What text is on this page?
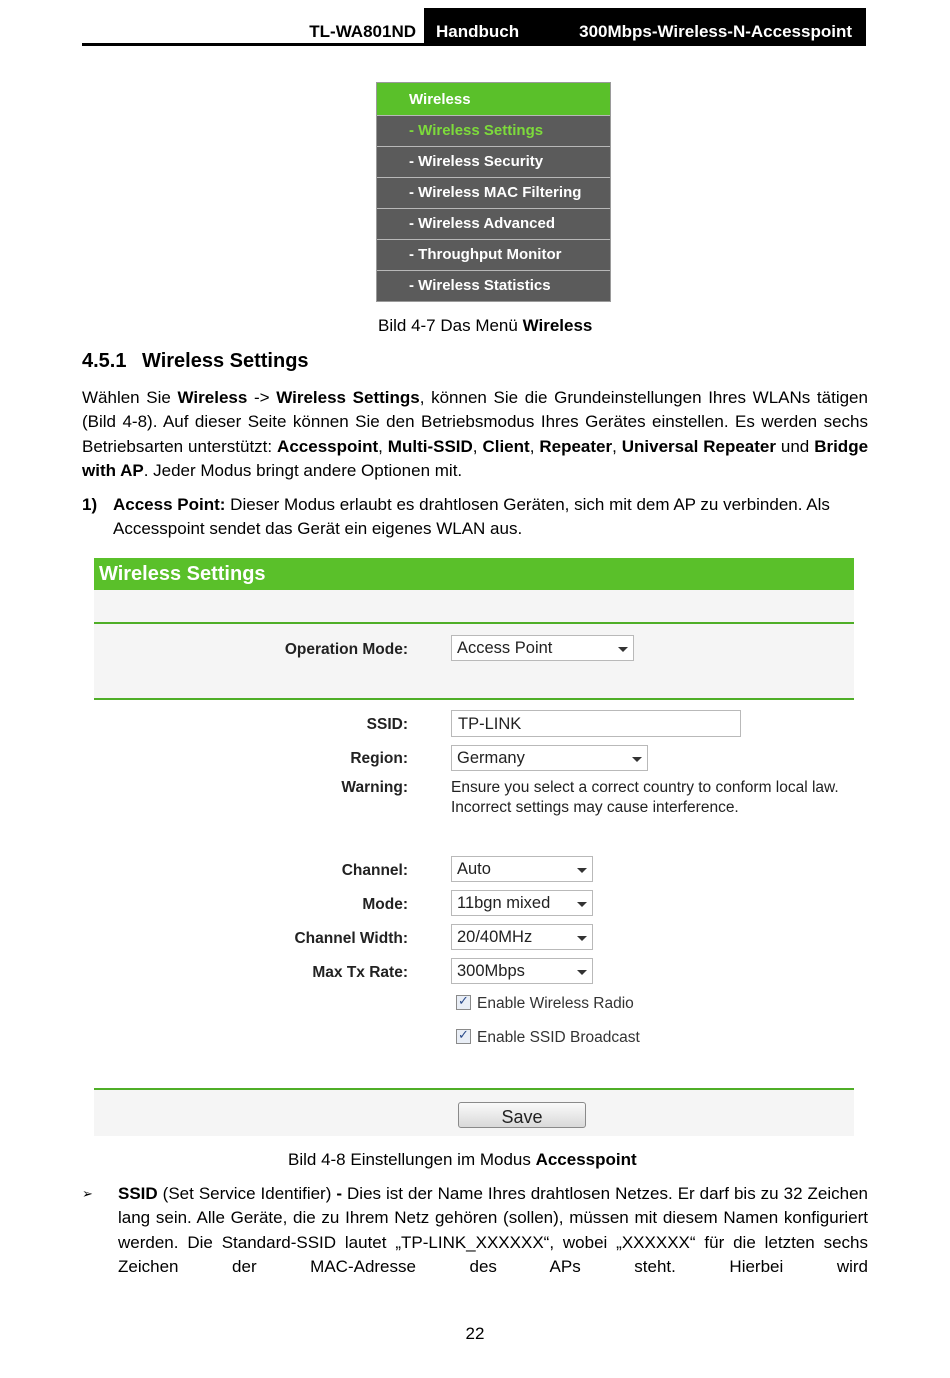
TL-WA801ND Handbuch	300Mbps-Wireless-N-Accesspoint
Wireless
- Wireless Settings
- Wireless Security
- Wireless MAC Filtering
- Wireless Advanced
- Throughput Monitor
- Wireless Statistics
Bild 4-7 Das Menü Wireless
4.5.1 Wireless Settings
Wählen Sie Wireless -> Wireless Settings, können Sie die Grundeinstellungen Ihres WLANs tätigen (Bild 4-8). Auf dieser Seite können Sie den Betriebsmodus Ihres Gerätes einstellen. Es werden sechs Betriebsarten unterstützt: Accesspoint, Multi-SSID, Client, Repeater, Universal Repeater und Bridge with AP. Jeder Modus bringt andere Optionen mit.
1) Access Point: Dieser Modus erlaubt es drahtlosen Geräten, sich mit dem AP zu verbinden. Als Accesspoint sendet das Gerät ein eigenes WLAN aus.
Wireless Settings
Operation Mode:	Access Point
SSID:	TP-LINK
Region:	Germany
Warning:	Ensure you select a correct country to conform local law.
Incorrect settings may cause interference.
Channel:	Auto
Mode:	11bgn mixed
Channel Width:	20/40MHz
Max Tx Rate:	300Mbps
✓Enable Wireless Radio
✓Enable SSID Broadcast
Save
Bild 4-8 Einstellungen im Modus Accesspoint
➢ SSID (Set Service Identifier) - Dies ist der Name Ihres drahtlosen Netzes. Er darf bis zu 32 Zeichen lang sein. Alle Geräte, die zu Ihrem Netz gehören (sollen), müssen mit diesem Namen konfiguriert werden. Die Standard-SSID lautet „TP-LINK_XXXXXX“, wobei „XXXXXX“ für die letzten sechs Zeichen der MAC-Adresse des APs steht. Hierbei wird
22
